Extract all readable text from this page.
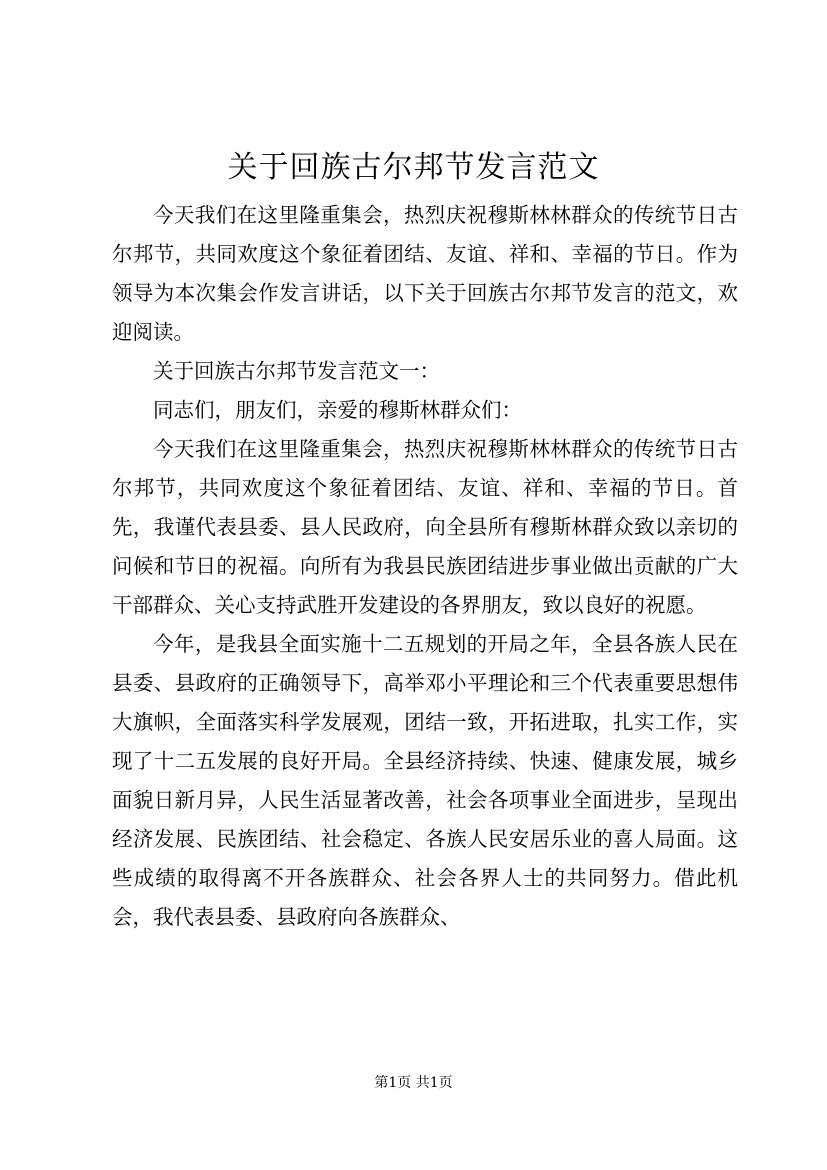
关于回族古尔邦节发言范文

今天我们在这里隆重集会，热烈庆祝穆斯林林群众的传统节日古尔邦节，共同欢度这个象征着团结、友谊、祥和、幸福的节日。作为领导为本次集会作发言讲话，以下关于回族古尔邦节发言的范文，欢迎阅读。

关于回族古尔邦节发言范文一：

同志们，朋友们，亲爱的穆斯林群众们：

今天我们在这里隆重集会，热烈庆祝穆斯林林群众的传统节日古尔邦节，共同欢度这个象征着团结、友谊、祥和、幸福的节日。首先，我谨代表县委、县人民政府，向全县所有穆斯林群众致以亲切的问候和节日的祝福。向所有为我县民族团结进步事业做出贡献的广大干部群众、关心支持武胜开发建设的各界朋友，致以良好的祝愿。

今年，是我县全面实施十二五规划的开局之年，全县各族人民在县委、县政府的正确领导下，高举邓小平理论和三个代表重要思想伟大旗帜，全面落实科学发展观，团结一致，开拓进取，扎实工作，实现了十二五发展的良好开局。全县经济持续、快速、健康发展，城乡面貌日新月异，人民生活显著改善，社会各项事业全面进步，呈现出经济发展、民族团结、社会稳定、各族人民安居乐业的喜人局面。这些成绩的取得离不开各族群众、社会各界人士的共同努力。借此机会，我代表县委、县政府向各族群众、

第1页 共1页
